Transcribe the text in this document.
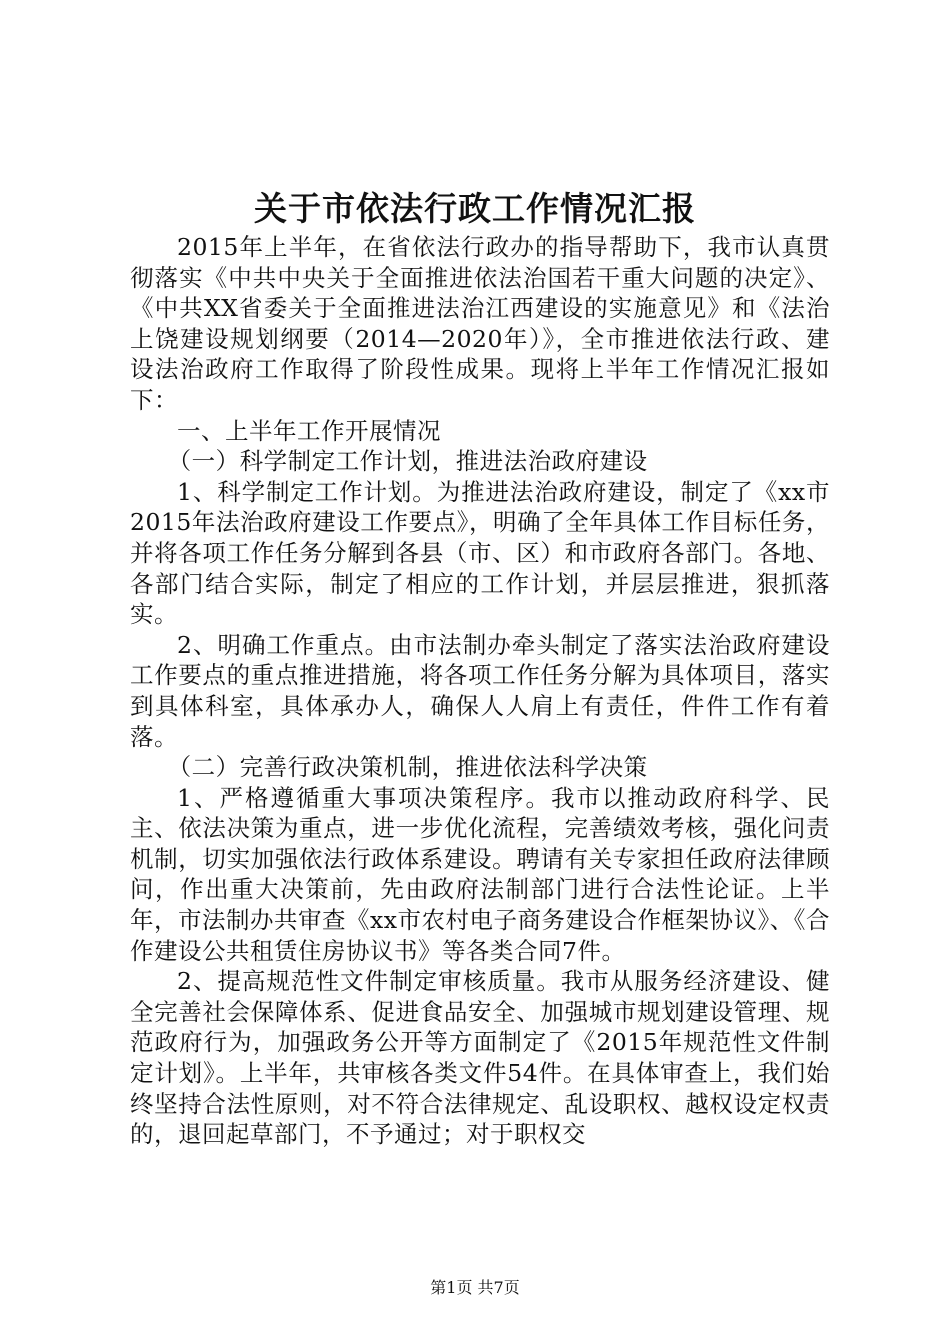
关于市依法行政工作情况汇报

2015年上半年，在省依法行政办的指导帮助下，我市认真贯彻落实《中共中央关于全面推进依法治国若干重大问题的决定》、《中共XX省委关于全面推进法治江西建设的实施意见》和《法治上饶建设规划纲要（2014—2020年）》，全市推进依法行政、建设法治政府工作取得了阶段性成果。现将上半年工作情况汇报如下：

一、上半年工作开展情况

（一）科学制定工作计划，推进法治政府建设

1、科学制定工作计划。为推进法治政府建设，制定了《xx市2015年法治政府建设工作要点》，明确了全年具体工作目标任务，并将各项工作任务分解到各县（市、区）和市政府各部门。各地、各部门结合实际，制定了相应的工作计划，并层层推进，狠抓落实。

2、明确工作重点。由市法制办牵头制定了落实法治政府建设工作要点的重点推进措施，将各项工作任务分解为具体项目，落实到具体科室，具体承办人，确保人人肩上有责任，件件工作有着落。

（二）完善行政决策机制，推进依法科学决策

1、严格遵循重大事项决策程序。我市以推动政府科学、民主、依法决策为重点，进一步优化流程，完善绩效考核，强化问责机制，切实加强依法行政体系建设。聘请有关专家担任政府法律顾问，作出重大决策前，先由政府法制部门进行合法性论证。上半年，市法制办共审查《xx市农村电子商务建设合作框架协议》、《合作建设公共租赁住房协议书》等各类合同7件。

2、提高规范性文件制定审核质量。我市从服务经济建设、健全完善社会保障体系、促进食品安全、加强城市规划建设管理、规范政府行为，加强政务公开等方面制定了《2015年规范性文件制定计划》。上半年，共审核各类文件54件。在具体审查上，我们始终坚持合法性原则，对不符合法律规定、乱设职权、越权设定权责的，退回起草部门，不予通过；对于职权交

第1页 共7页
